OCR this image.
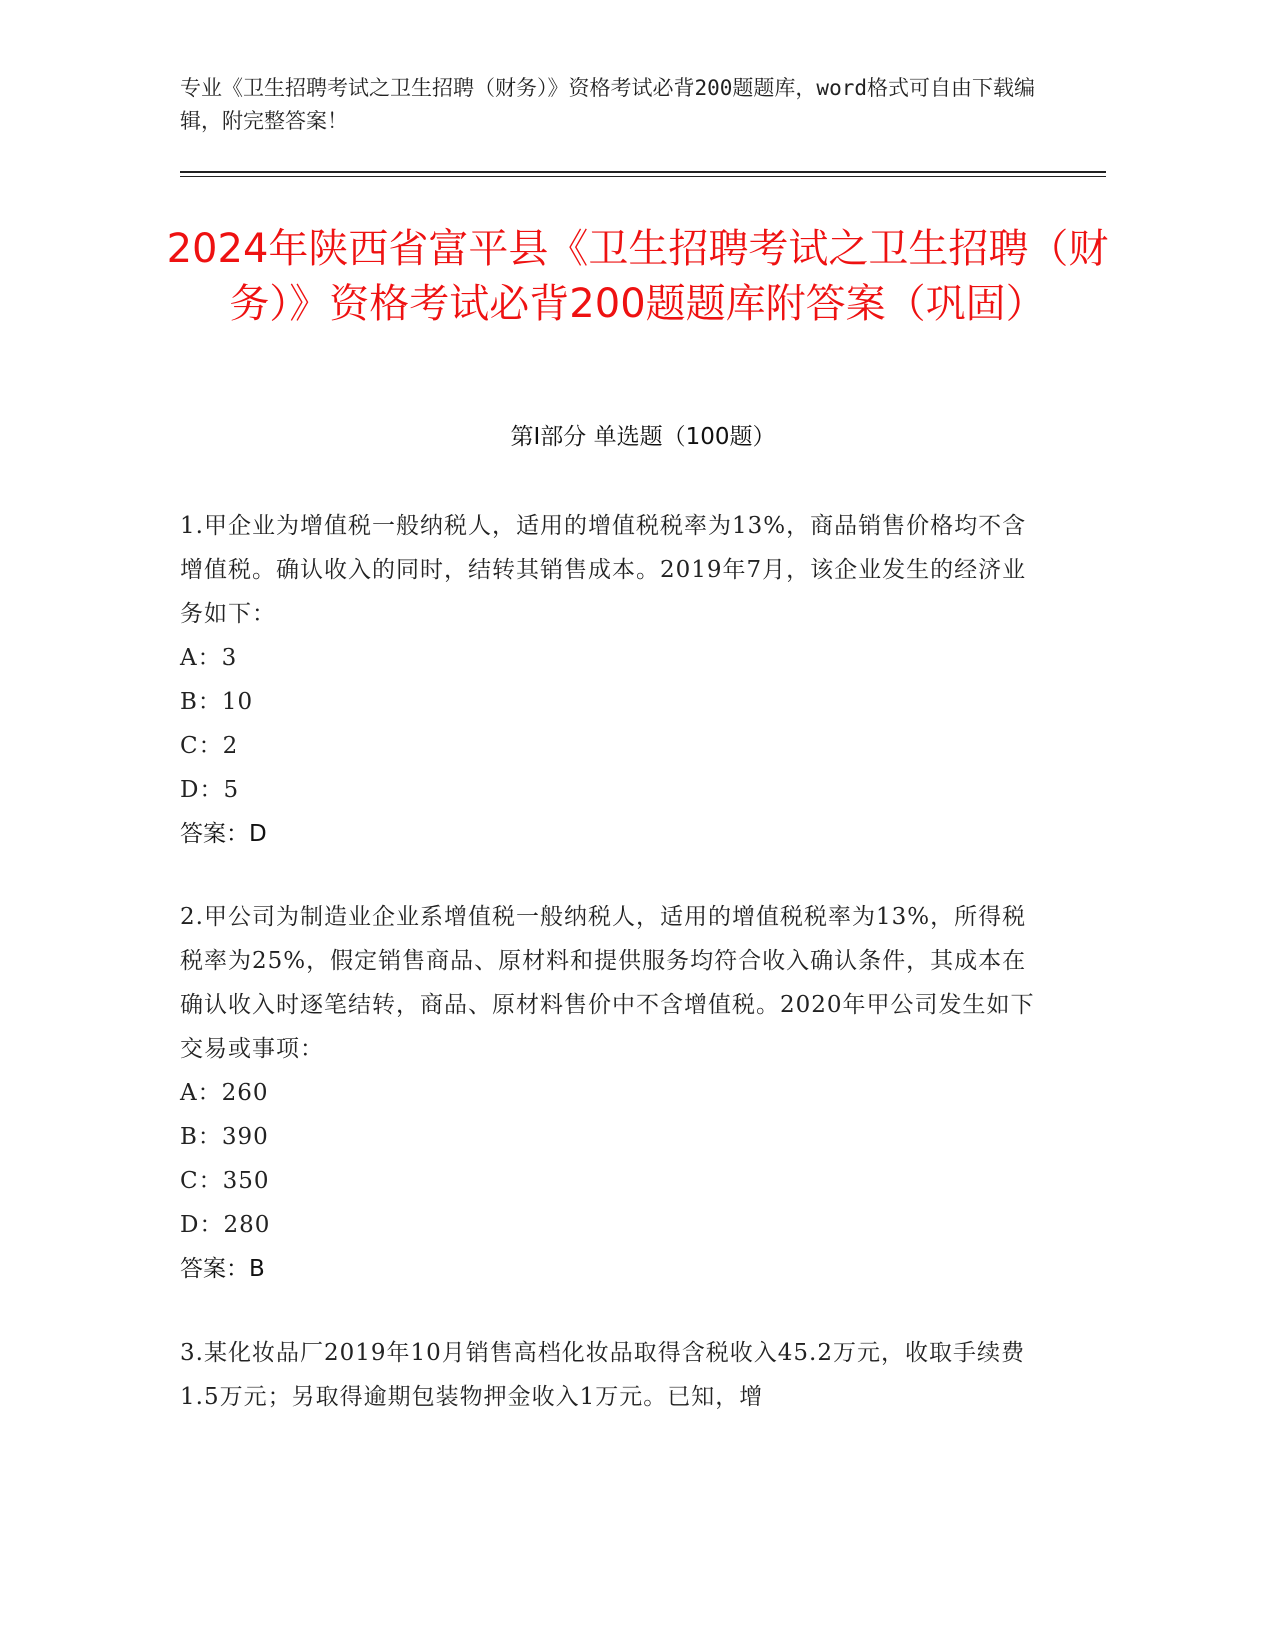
专业《卫生招聘考试之卫生招聘（财务）》资格考试必背200题题库，word格式可自由下载编辑，附完整答案！
2024年陕西省富平县《卫生招聘考试之卫生招聘（财务）》资格考试必背200题题库附答案（巩固）
第I部分 单选题（100题）
1.甲企业为增值税一般纳税人，适用的增值税税率为13%，商品销售价格均不含增值税。确认收入的同时，结转其销售成本。2019年7月，该企业发生的经济业务如下：
A：3
B：10
C：2
D：5
答案：D
2.甲公司为制造业企业系增值税一般纳税人，适用的增值税税率为13%，所得税税率为25%，假定销售商品、原材料和提供服务均符合收入确认条件，其成本在确认收入时逐笔结转，商品、原材料售价中不含增值税。2020年甲公司发生如下交易或事项：
A：260
B：390
C：350
D：280
答案：B
3.某化妆品厂2019年10月销售高档化妆品取得含税收入45.2万元，收取手续费1.5万元；另取得逾期包装物押金收入1万元。已知，增
